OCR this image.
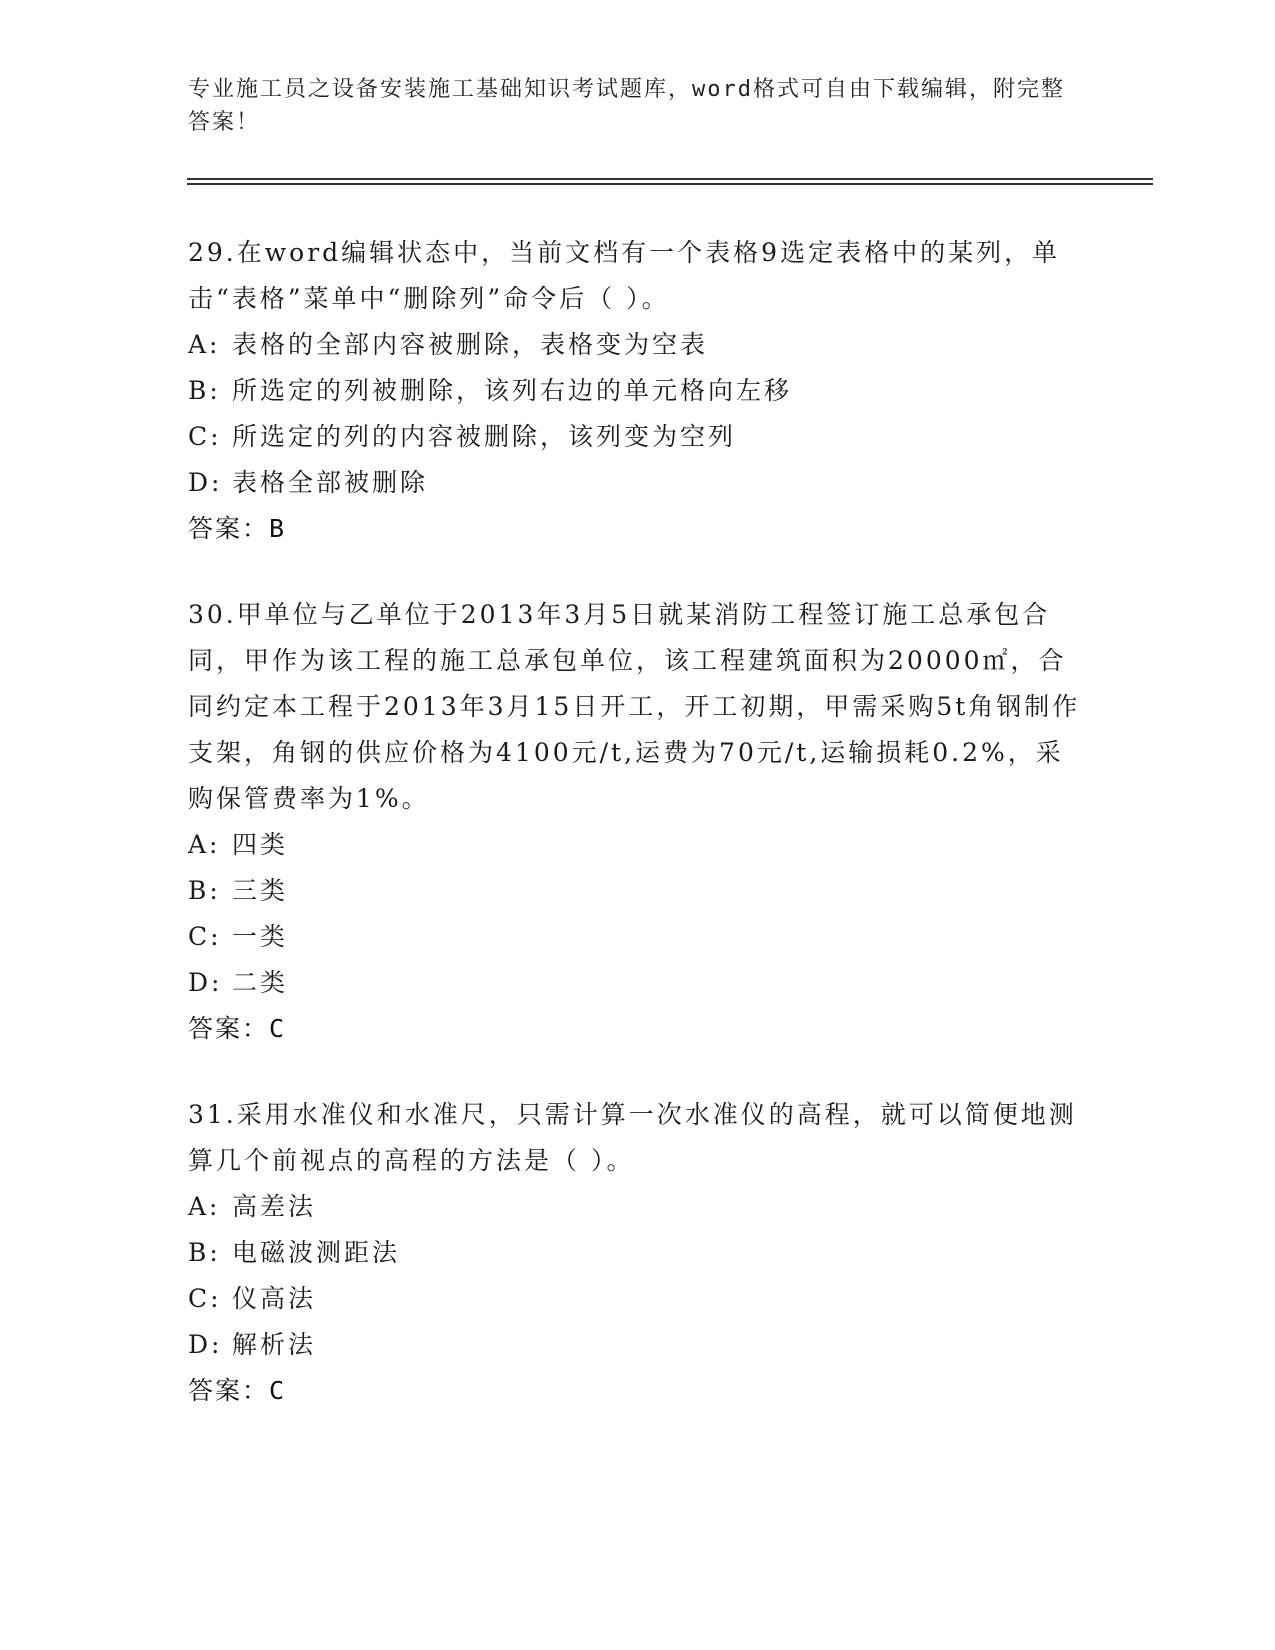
专业施工员之设备安装施工基础知识考试题库，word格式可自由下载编辑，附完整答案！

29.在word编辑状态中，当前文档有一个表格9选定表格中的某列，单击“表格”菜单中“删除列”命令后（ ）。

A: 表格的全部内容被删除，表格变为空表

B: 所选定的列被删除，该列右边的单元格向左移

C: 所选定的列的内容被删除，该列变为空列

D: 表格全部被删除

答案：B

30.甲单位与乙单位于2013年3月5日就某消防工程签订施工总承包合同，甲作为该工程的施工总承包单位，该工程建筑面积为20000㎡，合同约定本工程于2013年3月15日开工，开工初期，甲需采购5t角钢制作支架，角钢的供应价格为4100元/t,运费为70元/t,运输损耗0.2%，采购保管费率为1%。

A: 四类

B: 三类

C: 一类

D: 二类

答案：C

31.采用水准仪和水准尺，只需计算一次水准仪的高程，就可以简便地测算几个前视点的高程的方法是（ ）。

A: 高差法

B: 电磁波测距法

C: 仪高法

D: 解析法

答案：C
